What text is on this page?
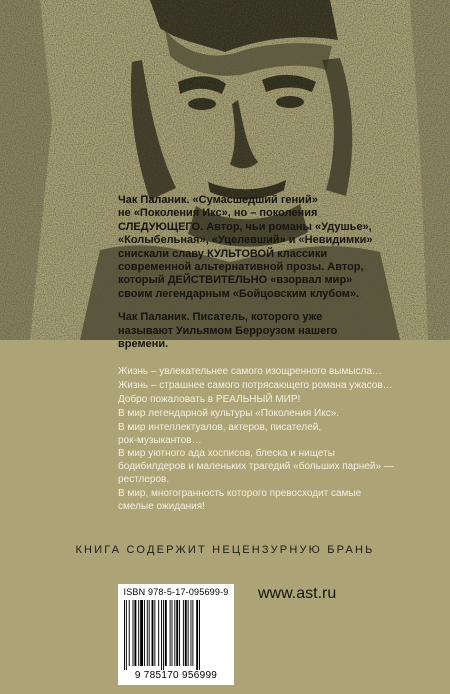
Чак Паланик. «Сумасшедший гений»
не «Поколения Икс», но – поколения
СЛЕДУЮЩЕГО. Автор, чьи романы «Удушье»,
«Колыбельная», «Уцелевший» и «Невидимки»
снискали славу КУЛЬТОВОЙ классики
современной альтернативной прозы. Автор,
который ДЕЙСТВИТЕЛЬНО «взорвал мир»
своим легендарным «Бойцовским клубом».

Чак Паланик. Писатель, которого уже
называют Уильямом Берроузом нашего
времени.

Жизнь – увлекательнее самого изощренного вымысла…
Жизнь – страшнее самого потрясающего романа ужасов…
Добро пожаловать в РЕАЛЬНЫЙ МИР!
В мир легендарной культуры «Поколения Икс».
В мир интеллектуалов, актеров, писателей,
рок-музыкантов…
В мир уютного ада хосписов, блеска и нищеты
бодибилдеров и маленьких трагедий «больших парней» —
рестлеров.
В мир, многогранность которого превосходит самые
смелые ожидания!
КНИГА СОДЕРЖИТ НЕЦЕНЗУРНУЮ БРАНЬ
ISBN 978-5-17-095699-9
9 785170 956999
www.ast.ru
